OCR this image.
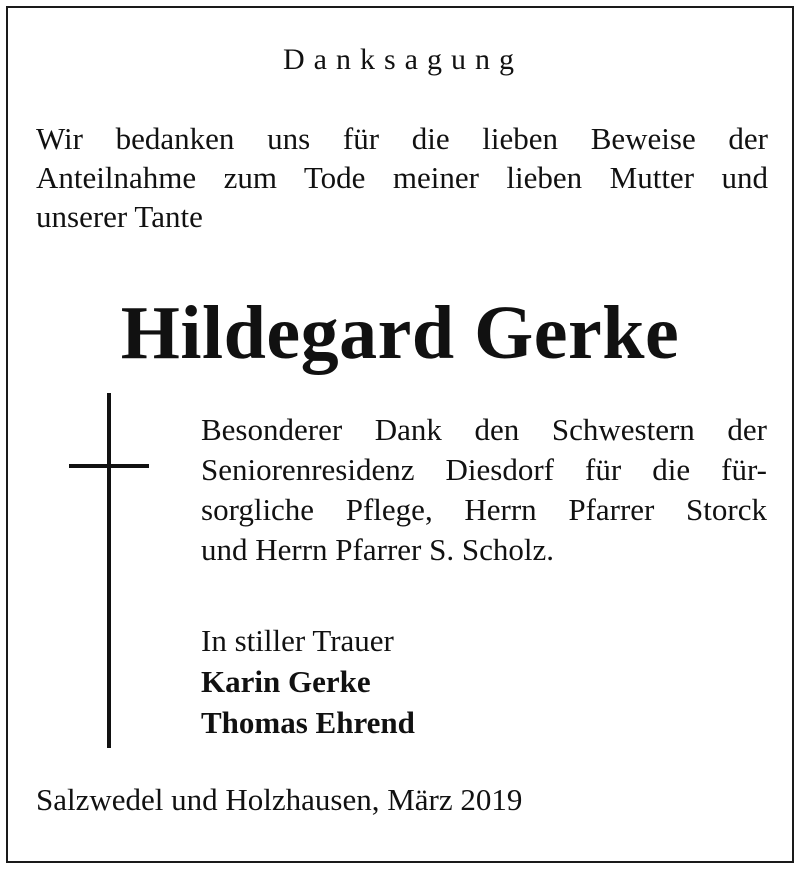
Danksagung
Wir bedanken uns für die lieben Beweise der
Anteilnahme zum Tode meiner lieben Mutter und
unserer Tante
Hildegard Gerke
Besonderer Dank den Schwestern der
Seniorenresidenz Diesdorf für die für-
sorgliche Pflege, Herrn Pfarrer Storck
und Herrn Pfarrer S. Scholz.
In stiller Trauer
Karin Gerke
Thomas Ehrend
Salzwedel und Holzhausen, März 2019
